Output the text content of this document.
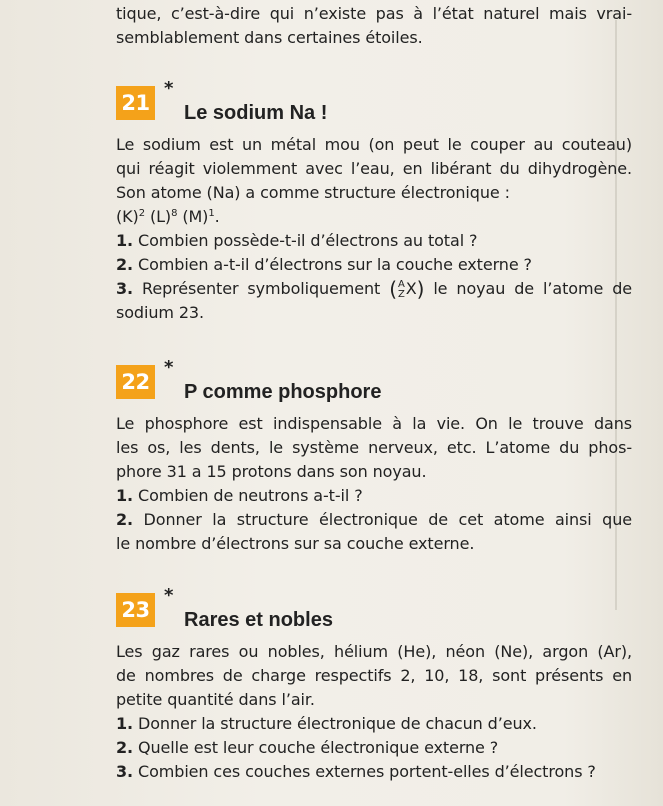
tique, c’est-à-dire qui n’existe pas à l’état naturel mais vrai-
semblablement dans certaines étoiles.
21
*
Le sodium Na !
Le sodium est un métal mou (on peut le couper au couteau)
qui réagit violemment avec l’eau, en libérant du dihydrogène.
Son atome (Na) a comme structure électronique :
$(K)^2$ $(L)^8$ $(M)^1$.
1. Combien possède-t-il d’électrons au total ?
2. Combien a-t-il d’électrons sur la couche externe ?
3. Représenter symboliquement ( A
Z X) le noyau de l’atome de
sodium 23.
22
*
P comme phosphore
Le phosphore est indispensable à la vie. On le trouve dans
les os, les dents, le système nerveux, etc. L’atome du phos-
phore 31 a 15 protons dans son noyau.
1. Combien de neutrons a-t-il ?
2. Donner la structure électronique de cet atome ainsi que
le nombre d’électrons sur sa couche externe.
23
*
Rares et nobles
Les gaz rares ou nobles, hélium (He), néon (Ne), argon (Ar),
de nombres de charge respectifs 2, 10, 18, sont présents en
petite quantité dans l’air.
1. Donner la structure électronique de chacun d’eux.
2. Quelle est leur couche électronique externe ?
3. Combien ces couches externes portent-elles d’électrons ?
